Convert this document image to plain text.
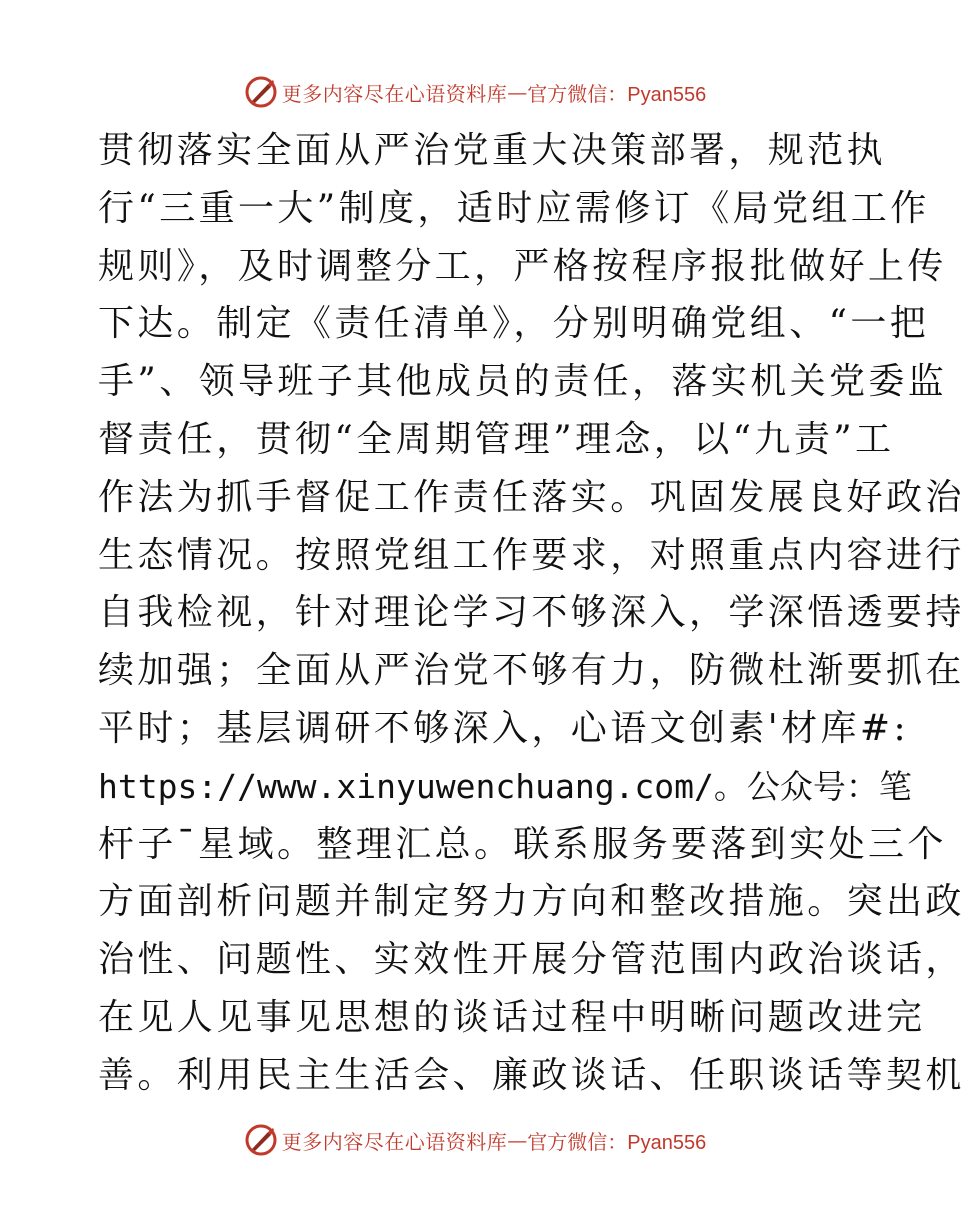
更多内容尽在心语资料库 — 官方微信：Pyan556
贯彻落实全面从严治党重大决策部署，规范执
行“三重一大”制度，适时应需修订《局党组工作
规则》，及时调整分工，严格按程序报批做好上传
下达。制定《责任清单》，分别明确党组、“一把
手”、领导班子其他成员的责任，落实机关党委监
督责任，贯彻“全周期管理”理念，以“九责”工
作法为抓手督促工作责任落实。巩固发展良好政治
生态情况。按照党组工作要求，对照重点内容进行
自我检视，针对理论学习不够深入，学深悟透要持
续加强；全面从严治党不够有力，防微杜渐要抓在
平时；基层调研不够深入，心语文创素'材库#:
https://www.xinyuwenchuang.com/。公众号：笔
杆子¯星域。整理汇总。联系服务要落到实处三个
方面剖析问题并制定努力方向和整改措施。突出政
治性、问题性、实效性开展分管范围内政治谈话，
在见人见事见思想的谈话过程中明晰问题改进完
善。利用民主生活会、廉政谈话、任职谈话等契机
更多内容尽在心语资料库 — 官方微信：Pyan556
